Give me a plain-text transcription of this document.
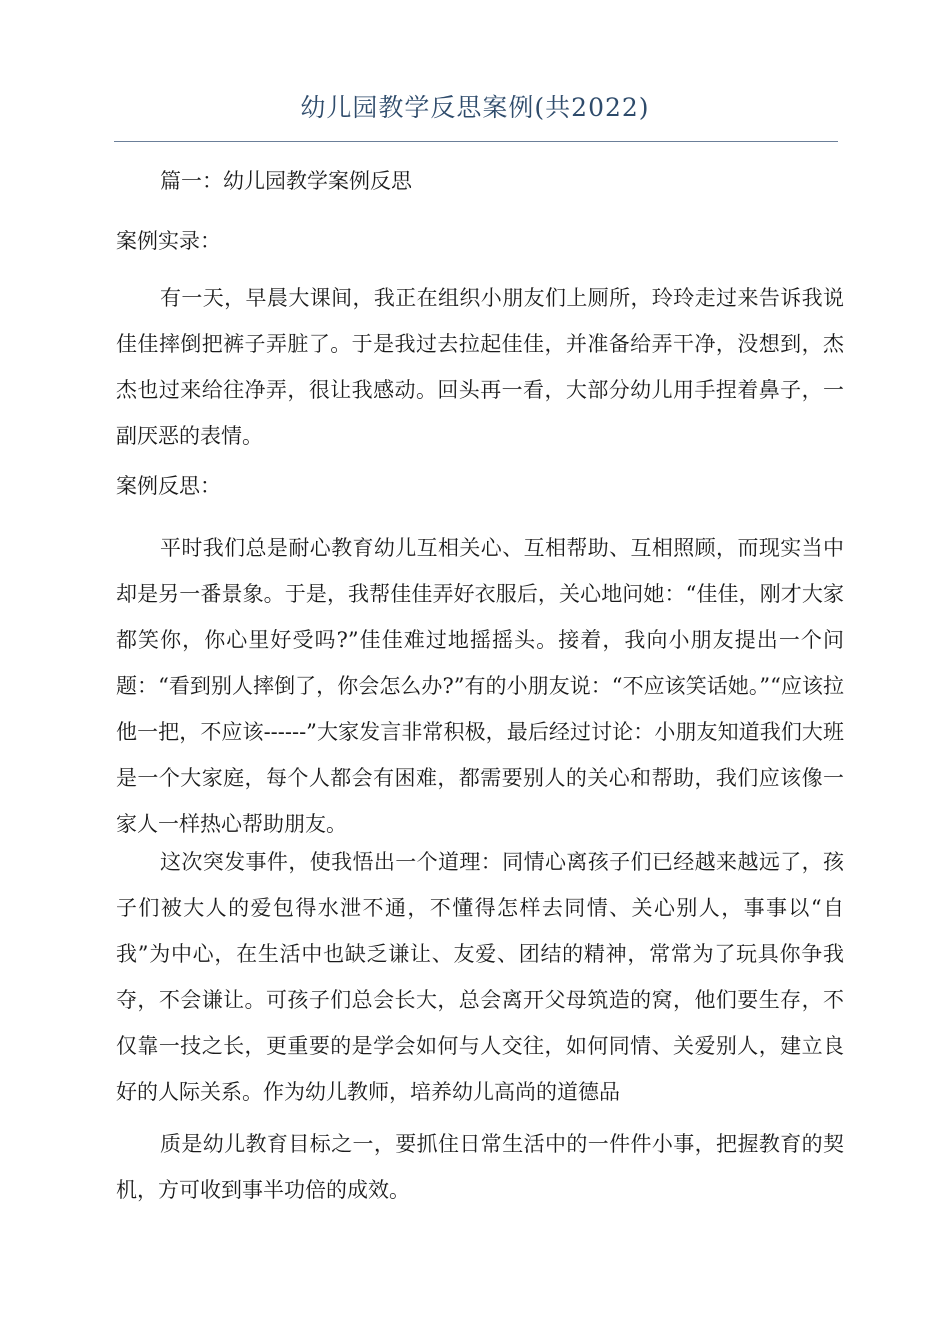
幼儿园教学反思案例(共2022)

篇一：幼儿园教学案例反思

案例实录：

有一天，早晨大课间，我正在组织小朋友们上厕所，玲玲走过来告诉我说佳佳摔倒把裤子弄脏了。于是我过去拉起佳佳，并准备给弄干净，没想到，杰杰也过来给往净弄，很让我感动。回头再一看，大部分幼儿用手捏着鼻子，一副厌恶的表情。

案例反思：

平时我们总是耐心教育幼儿互相关心、互相帮助、互相照顾，而现实当中却是另一番景象。于是，我帮佳佳弄好衣服后，关心地问她：“佳佳，刚才大家都笑你，你心里好受吗?”佳佳难过地摇摇头。接着，我向小朋友提出一个问题：“看到别人摔倒了，你会怎么办?”有的小朋友说：“不应该笑话她。”“应该拉他一把，不应该------”大家发言非常积极，最后经过讨论：小朋友知道我们大班是一个大家庭，每个人都会有困难，都需要别人的关心和帮助，我们应该像一家人一样热心帮助朋友。

这次突发事件，使我悟出一个道理：同情心离孩子们已经越来越远了，孩子们被大人的爱包得水泄不通，不懂得怎样去同情、关心别人，事事以“自我”为中心，在生活中也缺乏谦让、友爱、团结的精神，常常为了玩具你争我夺，不会谦让。可孩子们总会长大，总会离开父母筑造的窝，他们要生存，不仅靠一技之长，更重要的是学会如何与人交往，如何同情、关爱别人，建立良好的人际关系。作为幼儿教师，培养幼儿高尚的道德品

质是幼儿教育目标之一，要抓住日常生活中的一件件小事，把握教育的契机，方可收到事半功倍的成效。
